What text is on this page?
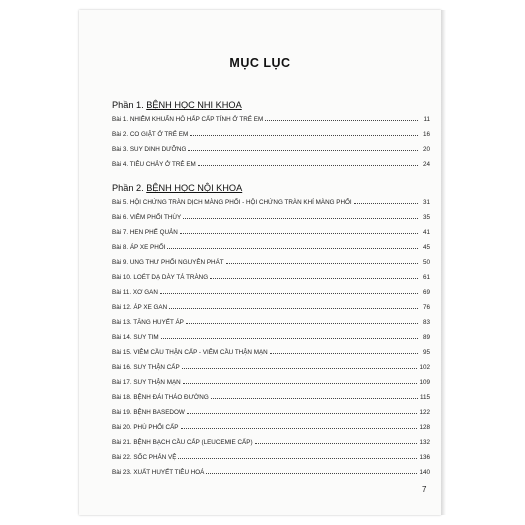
MỤC LỤC
Phần 1. BỆNH HỌC NHI KHOA
Bài 1. NHIỄM KHUẨN HÔ HẤP CẤP TÍNH Ở TRẺ EM	11
Bài 2. CO GIẬT Ở TRẺ EM	16
Bài 3. SUY DINH DƯỠNG	20
Bài 4. TIÊU CHẢY Ở TRẺ EM	24
Phần 2. BỆNH HỌC NỘI KHOA
Bài 5. HỘI CHỨNG TRÀN DỊCH MÀNG PHỔI - HỘI CHỨNG TRÀN KHÍ MÀNG PHỔI	31
Bài 6. VIÊM PHỔI THÙY	35
Bài 7. HEN PHẾ QUẢN	41
Bài 8. ÁP XE PHỔI	45
Bài 9. UNG THƯ PHỔI NGUYÊN PHÁT	50
Bài 10. LOÉT DẠ DÀY TÁ TRÀNG	61
Bài 11. XƠ GAN	69
Bài 12. ÁP XE GAN	76
Bài 13. TĂNG HUYẾT ÁP	83
Bài 14. SUY TIM	89
Bài 15. VIÊM CẦU THẬN CẤP - VIÊM CẦU THẬN MẠN	95
Bài 16. SUY THẬN CẤP	102
Bài 17. SUY THẬN MẠN	109
Bài 18. BỆNH ĐÁI THÁO ĐƯỜNG	115
Bài 19. BỆNH BASEDOW	122
Bài 20. PHÙ PHỔI CẤP	128
Bài 21. BỆNH BẠCH CẦU CẤP (LEUCEMIE CẤP)	132
Bài 22. SỐC PHẢN VỆ	136
Bài 23. XUẤT HUYẾT TIÊU HOÁ	140
7
